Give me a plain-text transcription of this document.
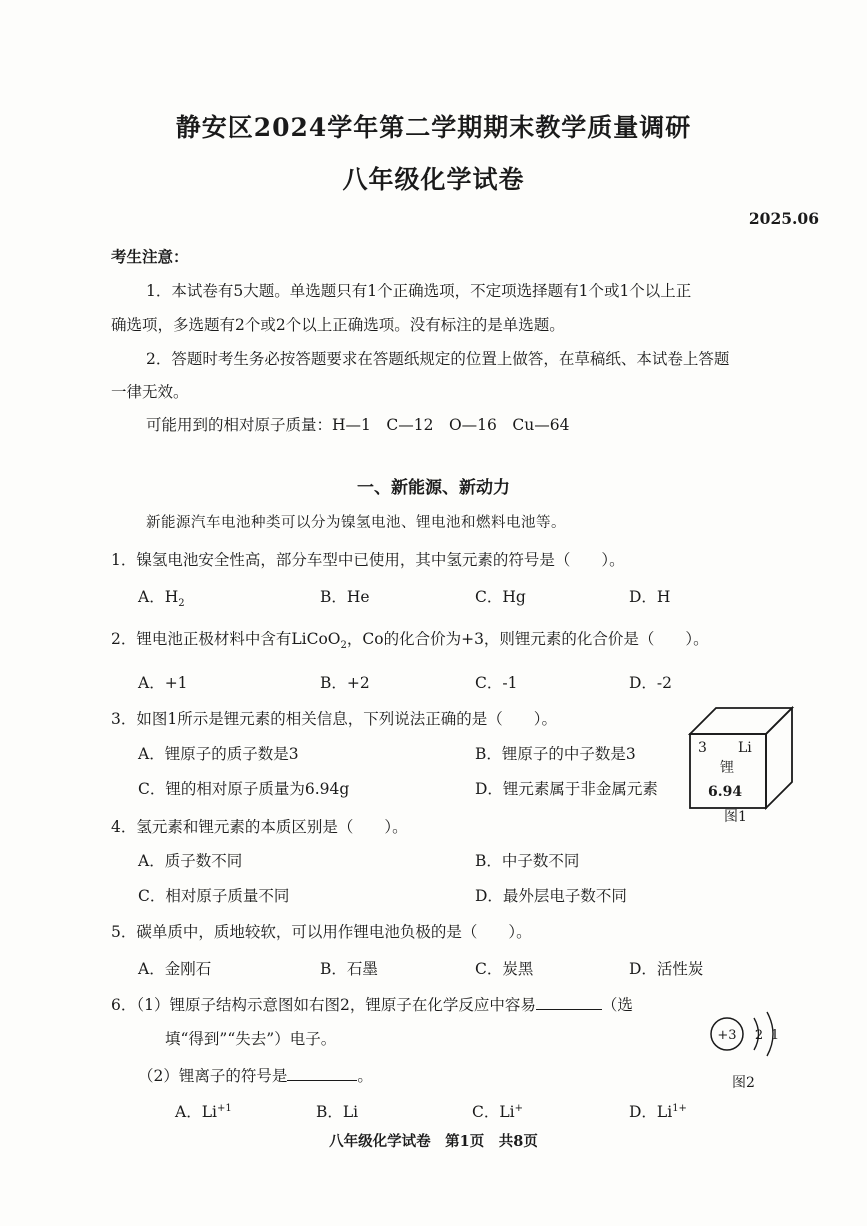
静安区2024学年第二学期期末教学质量调研
八年级化学试卷
2025.06
考生注意：
1．本试卷有5大题。单选题只有1个正确选项，不定项选择题有1个或1个以上正
确选项，多选题有2个或2个以上正确选项。没有标注的是单选题。
2．答题时考生务必按答题要求在答题纸规定的位置上做答，在草稿纸、本试卷上答题
一律无效。
可能用到的相对原子质量：H—1　C—12　O—16　Cu—64
一、新能源、新动力
新能源汽车电池种类可以分为镍氢电池、锂电池和燃料电池等。
1．镍氢电池安全性高，部分车型中已使用，其中氢元素的符号是（　　）。
A．$H_2$	B．He	C．Hg	D．H
2．锂电池正极材料中含有LiCoO$_2$，Co的化合价为+3，则锂元素的化合价是（　　）。
A．+1	B．+2	C．-1	D．-2
3．如图1所示是锂元素的相关信息，下列说法正确的是（　　）。
A．锂原子的质子数是3	B．锂原子的中子数是3
C．锂的相对原子质量为6.94g	D．锂元素属于非金属元素
3 Li
锂
6.94
图1
4．氢元素和锂元素的本质区别是（　　）。
A．质子数不同	B．中子数不同
C．相对原子质量不同	D．最外层电子数不同
5．碳单质中，质地较软，可以用作锂电池负极的是（　　）。
A．金刚石	B．石墨	C．炭黑	D．活性炭
6．（1）锂原子结构示意图如右图2，锂原子在化学反应中容易	（选
填“得到”“失去”）电子。
（2）锂离子的符号是	。
A．$Li^{+1}$	B．Li	C．Li+	D．$Li^{1+}$
+3 2 1
图2
八年级化学试卷　第1页　共8页
